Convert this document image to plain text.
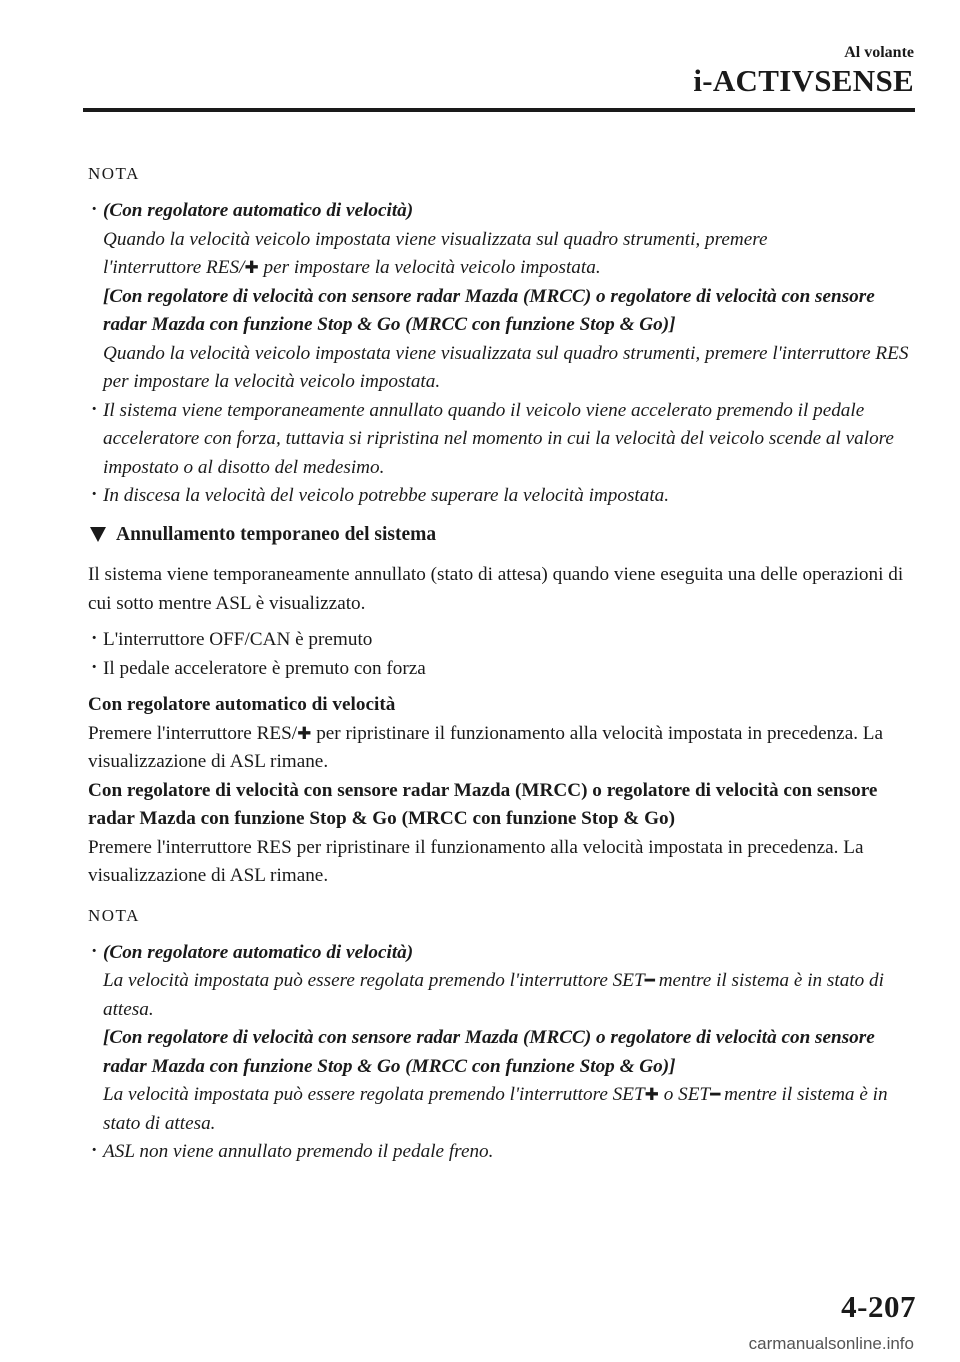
Al volante
i-ACTIVSENSE

NOTA

· (Con regolatore automatico di velocità)
Quando la velocità veicolo impostata viene visualizzata sul quadro strumenti, premere
l'interruttore RES/✚ per impostare la velocità veicolo impostata.
[Con regolatore di velocità con sensore radar Mazda (MRCC) o regolatore di velocità con sensore radar Mazda con funzione Stop & Go (MRCC con funzione Stop & Go)]
Quando la velocità veicolo impostata viene visualizzata sul quadro strumenti, premere l'interruttore RES per impostare la velocità veicolo impostata.
· Il sistema viene temporaneamente annullato quando il veicolo viene accelerato premendo il pedale acceleratore con forza, tuttavia si ripristina nel momento in cui la velocità del veicolo scende al valore impostato o al disotto del medesimo.
· In discesa la velocità del veicolo potrebbe superare la velocità impostata.
Annullamento temporaneo del sistema

Il sistema viene temporaneamente annullato (stato di attesa) quando viene eseguita una delle operazioni di cui sotto mentre ASL è visualizzato.

· L'interruttore OFF/CAN è premuto
· Il pedale acceleratore è premuto con forza

Con regolatore automatico di velocità

Premere l'interruttore RES/✚ per ripristinare il funzionamento alla velocità impostata in precedenza. La visualizzazione di ASL rimane.

Con regolatore di velocità con sensore radar Mazda (MRCC) o regolatore di velocità con sensore radar Mazda con funzione Stop & Go (MRCC con funzione Stop & Go)

Premere l'interruttore RES per ripristinare il funzionamento alla velocità impostata in precedenza. La visualizzazione di ASL rimane.

NOTA

· (Con regolatore automatico di velocità)
La velocità impostata può essere regolata premendo l'interruttore SET━ mentre il sistema è in stato di attesa.
[Con regolatore di velocità con sensore radar Mazda (MRCC) o regolatore di velocità con sensore radar Mazda con funzione Stop & Go (MRCC con funzione Stop & Go)]
La velocità impostata può essere regolata premendo l'interruttore SET✚ o SET━ mentre il sistema è in stato di attesa.
· ASL non viene annullato premendo il pedale freno.
4-207
carmanualsonline.info
